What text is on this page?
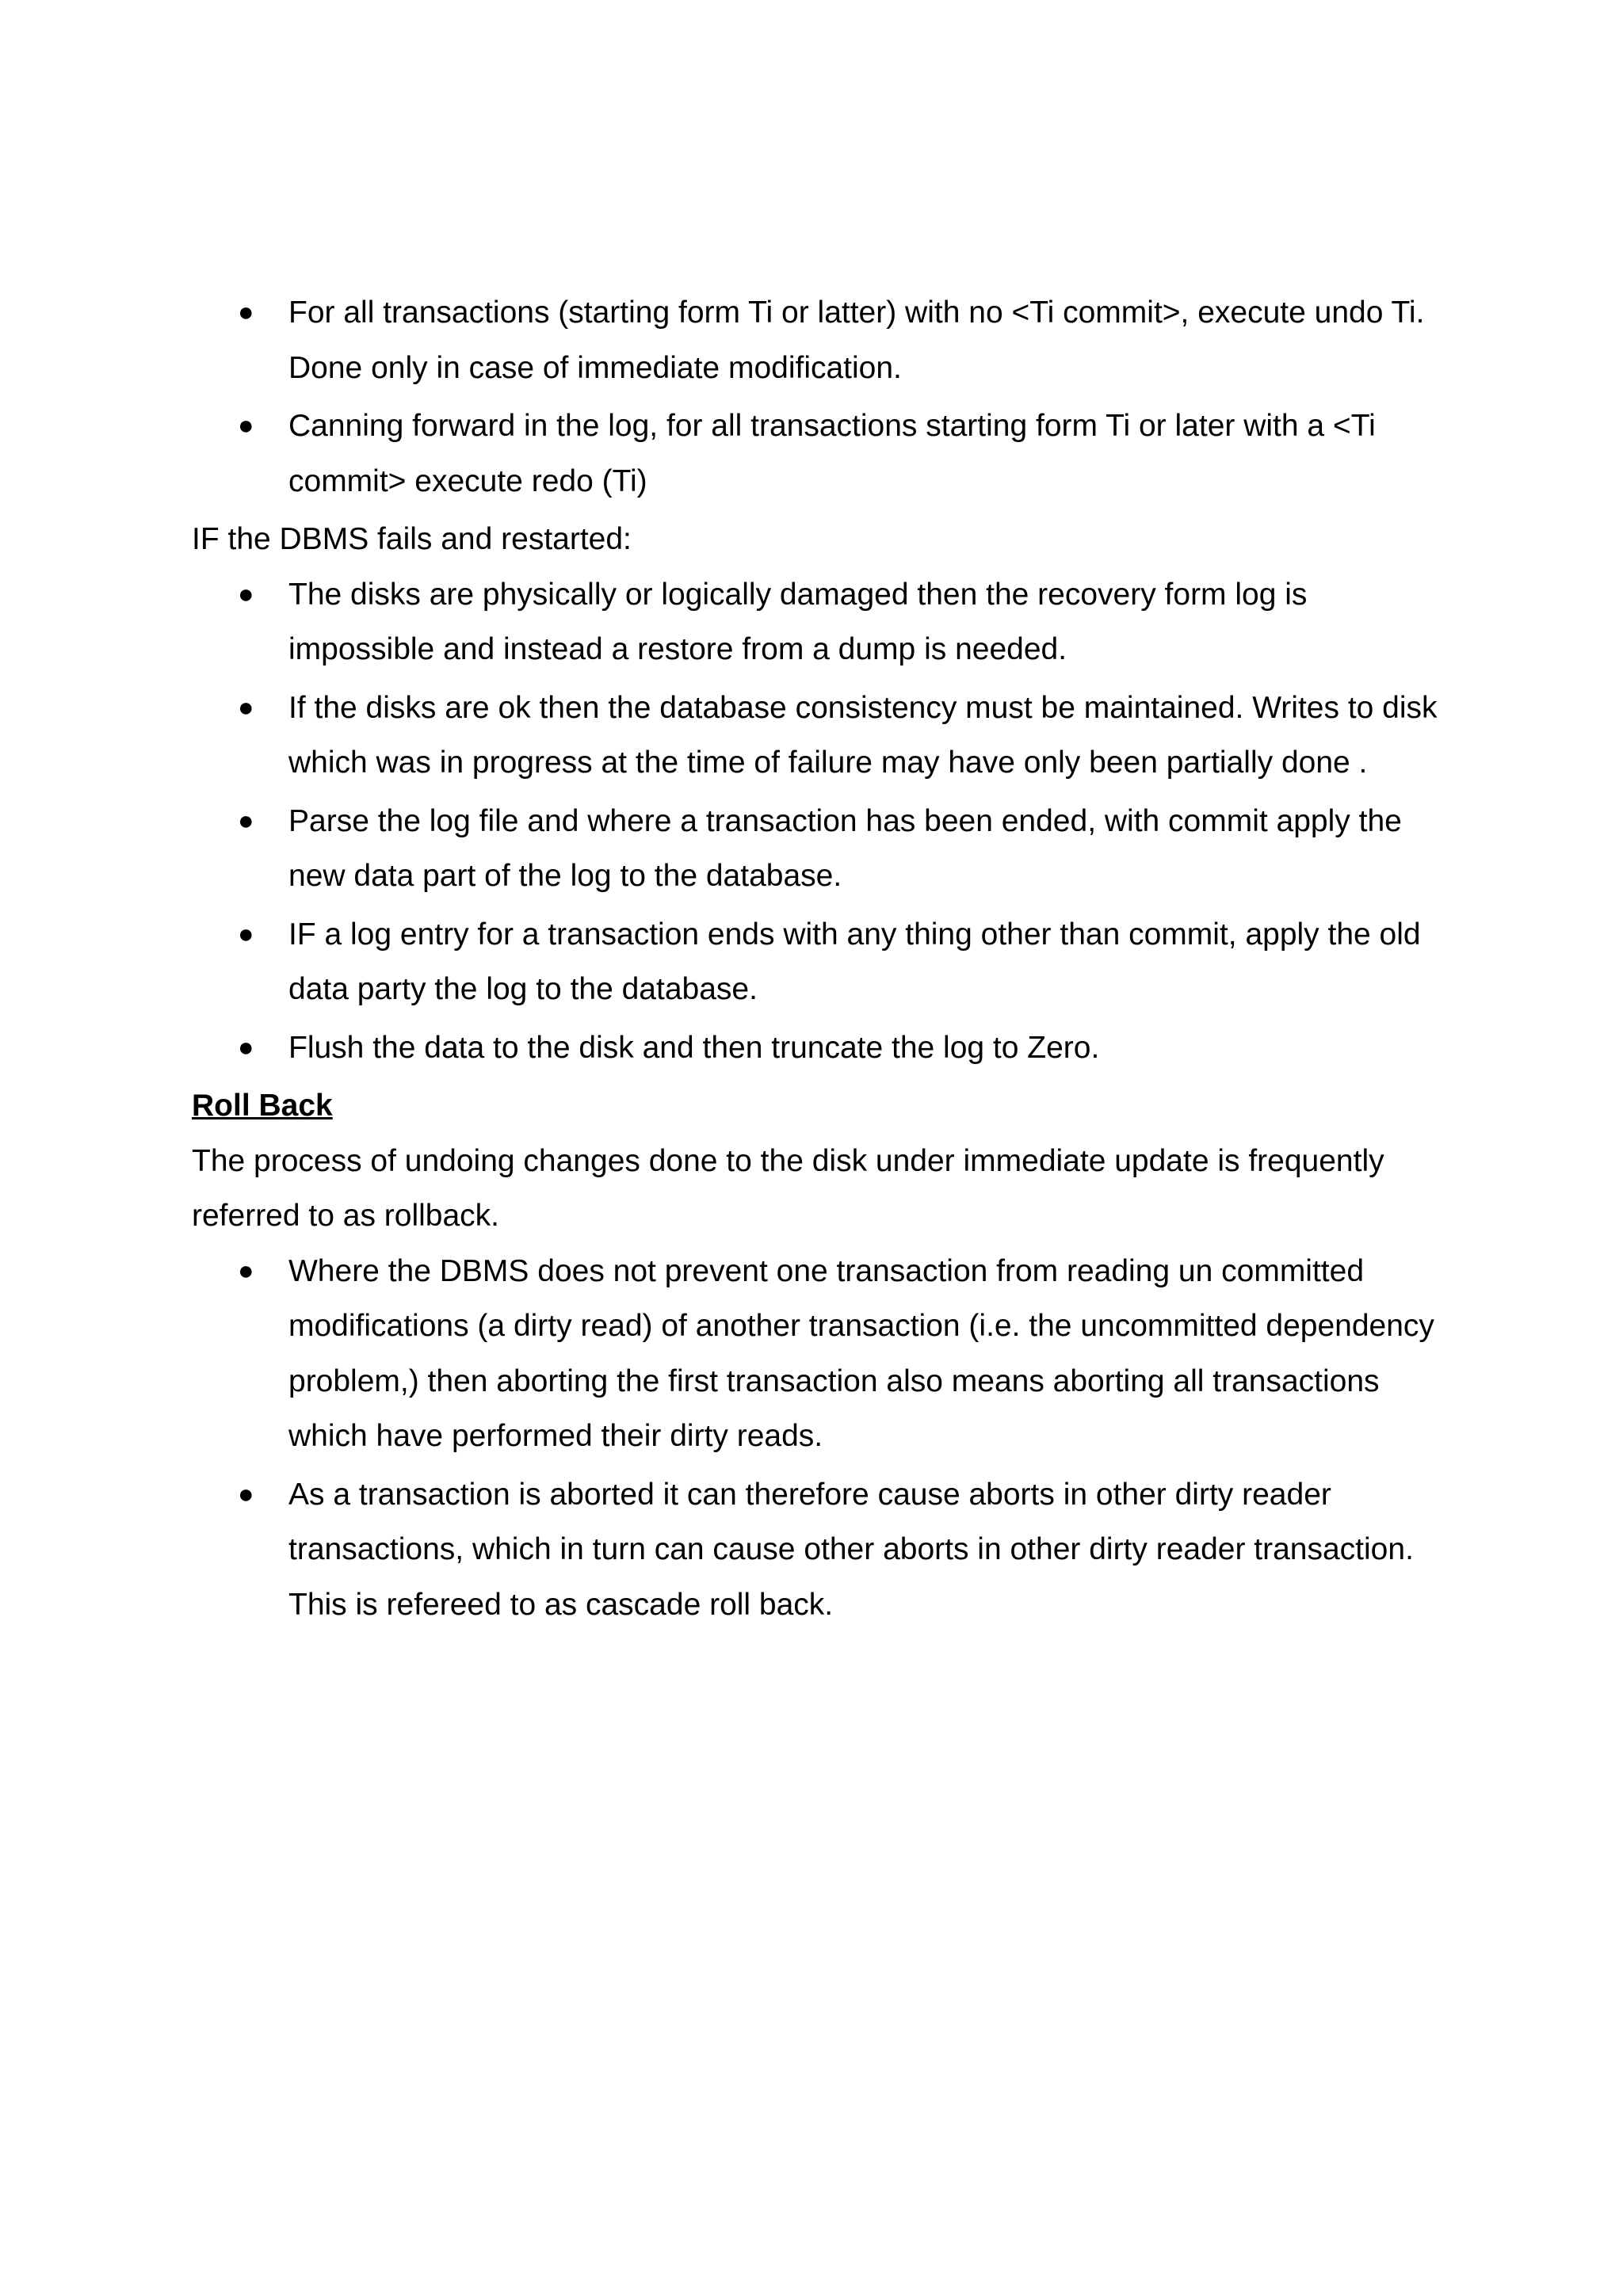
● For all transactions (starting form Ti or latter) with no <Ti commit>, execute undo Ti. Done only in case of immediate modification.
● Canning forward in the log, for all transactions starting form Ti or later with a <Ti commit> execute redo (Ti)

IF the DBMS fails and restarted:

● The disks are physically or logically damaged then the recovery form log is impossible and instead a restore from a dump is needed.
● If the disks are ok then the database consistency must be maintained. Writes to disk which was in progress at the time of failure may have only been partially done .
● Parse the log file and where a transaction has been ended, with commit apply the new data part of the log to the database.
● IF a log entry for a transaction ends with any thing other than commit, apply the old data party the log to the database.
● Flush the data to the disk and then truncate the log to Zero.

Roll Back

The process of undoing changes done to the disk under immediate update is frequently referred to as rollback.

● Where the DBMS does not prevent one transaction from reading un committed modifications (a dirty read) of another transaction (i.e. the uncommitted dependency problem,) then aborting the first transaction also means aborting all transactions which have performed their dirty reads.
● As a transaction is aborted it can therefore cause aborts in other dirty reader transactions, which in turn can cause other aborts in other dirty reader transaction.
This is refereed to as cascade roll back.
